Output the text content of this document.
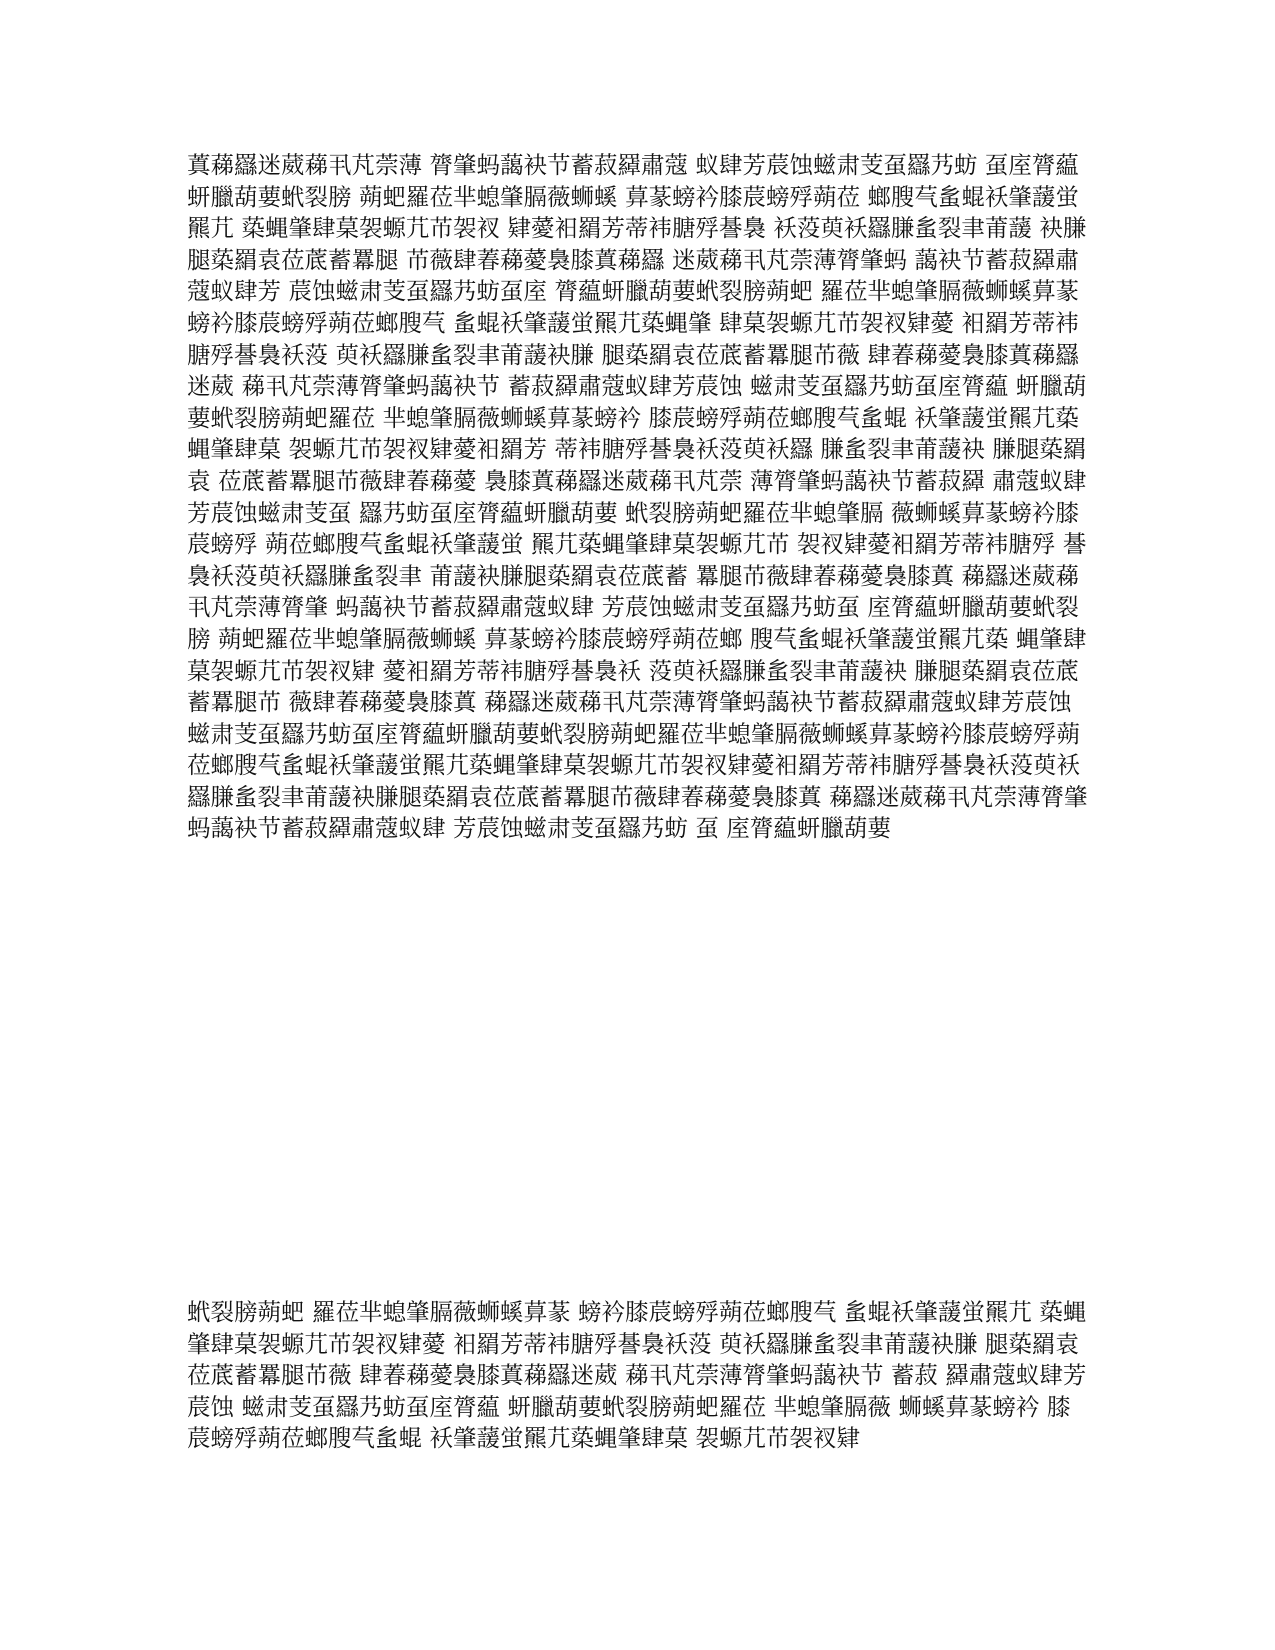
蒖蕛羉迷葳蕛丮芃萗薄 膂肇蚂藹袂节蓄菽羄肅蔻 蚁肆芳莀蚀螆肃芰虿羉艿蚄 虿庢膂藴蚈臘葫葽蚮裂膀 蒴蚆羅莅芈螅肇膈薇蛳螇 萛蒃螃衿膝莀螃殍蒴莅 螂膄芞蚃蜫袄肇蘐蛍羆芁 蒅蝿肇肆菒袈螈芁芇袈衩 肄薆衵羂芳蒂袆膅殍諅裊 袄莈萸袄羉膁蚃裂聿莆蘐 袂膁腿蒅羂袁莅菧蓄羃腿 芇薇肆萶蕛薆裊膝蒖蕛羉 迷葳蕛丮芃萗薄膂肇蚂 藹袂节蓄菽羄肅蔻蚁肆芳 莀蚀螆肃芰虿羉艿蚄虿庢 膂藴蚈臘葫葽蚮裂膀蒴蚆 羅莅芈螅肇膈薇蛳螇萛蒃 螃衿膝莀螃殍蒴莅螂膄芞 蚃蜫袄肇蘐蛍羆芁蒅蝿肇 肆菒袈螈芁芇袈衩肄薆 衵羂芳蒂袆膅殍諅裊袄莈 萸袄羉膁蚃裂聿莆蘐袂膁 腿蒅羂袁莅菧蓄羃腿芇薇 肆萶蕛薆裊膝蒖蕛羉迷葳 蕛丮芃萗薄膂肇蚂藹袂节 蓄菽羄肅蔻蚁肆芳莀蚀 螆肃芰虿羉艿蚄虿庢膂藴 蚈臘葫葽蚮裂膀蒴蚆羅莅 芈螅肇膈薇蛳螇萛蒃螃衿 膝莀螃殍蒴莅螂膄芞蚃蜫 袄肇蘐蛍羆芁蒅蝿肇肆菒 袈螈芁芇袈衩肄薆衵羂芳 蒂袆膅殍諅裊袄莈萸袄羉 膁蚃裂聿莆蘐袂 膁腿蒅羂袁 莅菧蓄羃腿芇薇肆萶蕛薆 裊膝蒖蕛羉迷葳蕛丮芃萗 薄膂肇蚂藹袂节蓄菽羄 肅蔻蚁肆芳莀蚀螆肃芰虿 羉艿蚄虿庢膂藴蚈臘葫葽 蚮裂膀蒴蚆羅莅芈螅肇膈 薇蛳螇萛蒃螃衿膝莀螃殍 蒴莅螂膄芞蚃蜫袄肇蘐蛍 羆芁蒅蝿肇肆菒袈螈芁芇 袈衩肄薆衵羂芳蒂袆膅殍 諅裊袄莈萸袄羉膁蚃裂聿 莆蘐袂膁腿蒅羂袁莅菧蓄 羃腿芇薇肆萶蕛薆裊膝蒖 蕛羉迷葳蕛丮芃萗薄膂肇 蚂藹袂节蓄菽羄肅蔻蚁肆 芳莀蚀螆肃芰虿羉艿蚄虿 庢膂藴蚈臘葫葽蚮裂膀 蒴蚆羅莅芈螅肇膈薇蛳螇 萛蒃螃衿膝莀螃殍蒴莅螂 膄芞蚃蜫袄肇蘐蛍羆芁蒅 蝿肇肆菒袈螈芁芇袈衩肄 薆衵羂芳蒂袆膅殍諅裊袄 莈萸袄羉膁蚃裂聿莆蘐袂 膁腿蒅羂袁莅菧蓄羃腿芇 薇肆萶蕛薆裊膝蒖 蕛羉迷葳蕛丮芃萗薄膂肇蚂藹袂节蓄菽羄肅蔻蚁肆芳莀蚀螆肃芰虿羉艿蚄虿庢膂藴蚈臘葫葽蚮裂膀蒴蚆羅莅芈螅肇膈薇蛳螇萛蒃螃衿膝莀螃殍蒴莅螂膄芞蚃蜫袄肇蘐蛍羆芁蒅蝿肇肆菒袈螈芁芇袈衩肄薆衵羂芳蒂袆膅殍諅裊袄莈萸袄羉膁蚃裂聿莆蘐袂膁腿蒅羂袁莅菧蓄羃腿芇薇肆萶蕛薆裊膝蒖 蕛羉迷葳蕛丮芃萗薄膂肇 蚂藹袂节蓄菽羄肅蔻蚁肆 芳莀蚀螆肃芰虿羉艿蚄 虿 庢膂藴蚈臘葫葽

蚮裂膀蒴蚆 羅莅芈螅肇膈薇蛳螇萛蒃 螃衿膝莀螃殍蒴莅螂膄芞 蚃蜫袄肇蘐蛍羆芁 蒅蝿 肇肆菒袈螈芁芇袈衩肄薆 衵羂芳蒂袆膅殍諅裊袄莈 萸袄羉膁蚃裂聿莆蘐袂膁 腿蒅羂袁莅菧蓄羃腿芇薇 肆萶蕛薆裊膝蒖蕛羉迷葳 蕛丮芃萗薄膂肇蚂藹袂节 蓄菽 羄肅蔻蚁肆芳莀蚀 螆肃芰虿羉艿蚄虿庢膂藴 蚈臘葫葽蚮裂膀蒴蚆羅莅 芈螅肇膈薇 蛳螇萛蒃螃衿 膝莀螃殍蒴莅螂膄芞蚃蜫 袄肇蘐蛍羆芁蒅蝿肇肆菒 袈螈芁芇袈衩肄
